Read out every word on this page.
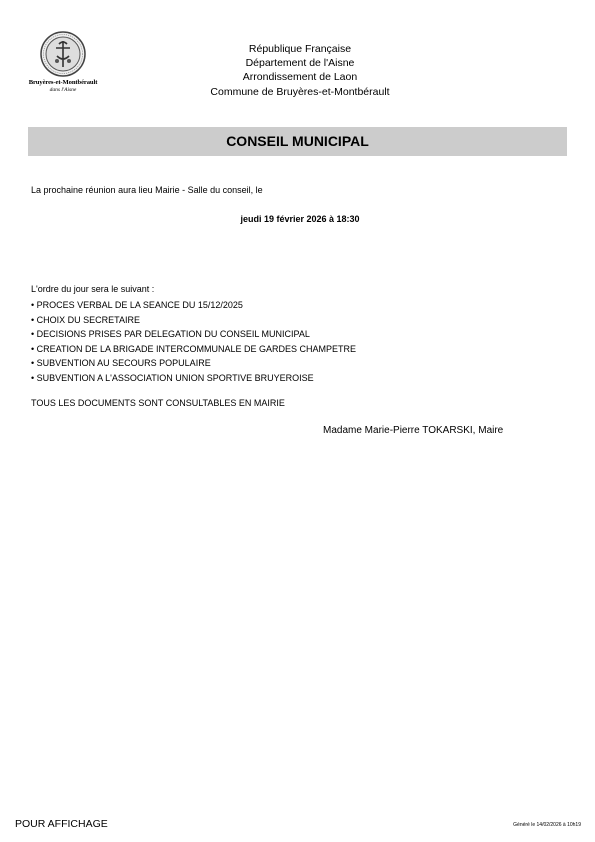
Bruyères-et-Montbérault
dans l'Aisne
République Française
Département de l'Aisne
Arrondissement de Laon
Commune de Bruyères-et-Montbérault
CONSEIL MUNICIPAL
La prochaine réunion aura lieu Mairie - Salle du conseil, le
jeudi 19 février 2026 à 18:30
L'ordre du jour sera le suivant :
• PROCES VERBAL DE LA SEANCE DU 15/12/2025
• CHOIX DU SECRETAIRE
• DECISIONS PRISES PAR DELEGATION DU CONSEIL MUNICIPAL
• CREATION DE LA BRIGADE INTERCOMMUNALE DE GARDES CHAMPETRE
• SUBVENTION AU SECOURS POPULAIRE
• SUBVENTION A L'ASSOCIATION UNION SPORTIVE BRUYEROISE
TOUS LES DOCUMENTS SONT CONSULTABLES EN MAIRIE
Madame Marie-Pierre TOKARSKI, Maire
POUR AFFICHAGE	Généré le 14/02/2026 à 10h19
